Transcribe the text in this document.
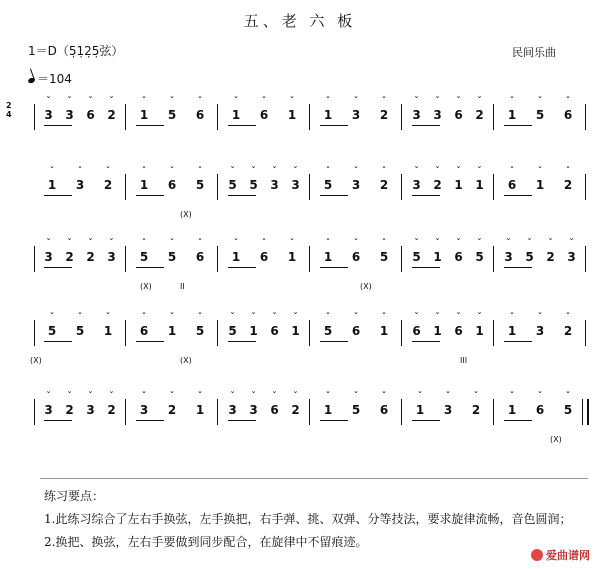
五、老 六 板
1＝D（5̣1̣2̣5̣弦）	民间乐曲
＝104
2
4	ˇ 3 ˇ 3 ˇ 6 ˇ 2 ˇ 1 ˇ 5 ˇ 6 ˇ 1 ˇ 6 ˇ 1 ˇ 1 ˇ 3 ˇ 2 ˇ 3 ˇ 3 ˇ 6 ˇ 2 ˇ 1 ˇ 5 ˇ 6
ˇ 1 ˇ 3 ˇ 2 ˇ 1 ˇ 6 ˇ 5 ˇ 5 ˇ 5 ˇ 3 ˇ 3 ˇ 5 ˇ 3 ˇ 2 ˇ 3 ˇ 2 ˇ 1 ˇ 1 ˇ 6 ˇ 1 ˇ 2
(X)
ˇ 3 ˇ 2 ˇ 2 ˇ 3 ˇ 5 ˇ 5 ˇ 6 ˇ 1 ˇ 6 ˇ 1 ˇ 1 ˇ 6 ˇ 5 ˇ 5 ˇ 1 ˇ 6 ˇ 5 ˇ 3 ˇ 5 ˇ 2 ˇ 3
II	(X)
(X)
ˇ 5 ˇ 5 ˇ 1 ˇ 6 ˇ 1 ˇ 5 ˇ 5 ˇ 1 ˇ 6 ˇ 1 ˇ 5 ˇ 6 ˇ 1 ˇ 6 ˇ 1 ˇ 6 ˇ 1 ˇ 1 ˇ 3 ˇ 2
(X)	(X)	III
ˇ 3 ˇ 2 ˇ 3 ˇ 2 ˇ 3 ˇ 2 ˇ 1 ˇ 3 ˇ 3 ˇ 6 ˇ 2 ˇ 1 ˇ 5 ˇ 6 ˇ 1 ˇ 3 ˇ 2 ˇ 1 ˇ 6 ˇ 5
(X)
练习要点：
1.此练习综合了左右手换弦，左手换把，右手弹、挑、双弹、分等技法，要求旋律流畅，音色圆润；
2.换把、换弦，左右手要做到同步配合，在旋律中不留痕迹。
爱曲谱网
